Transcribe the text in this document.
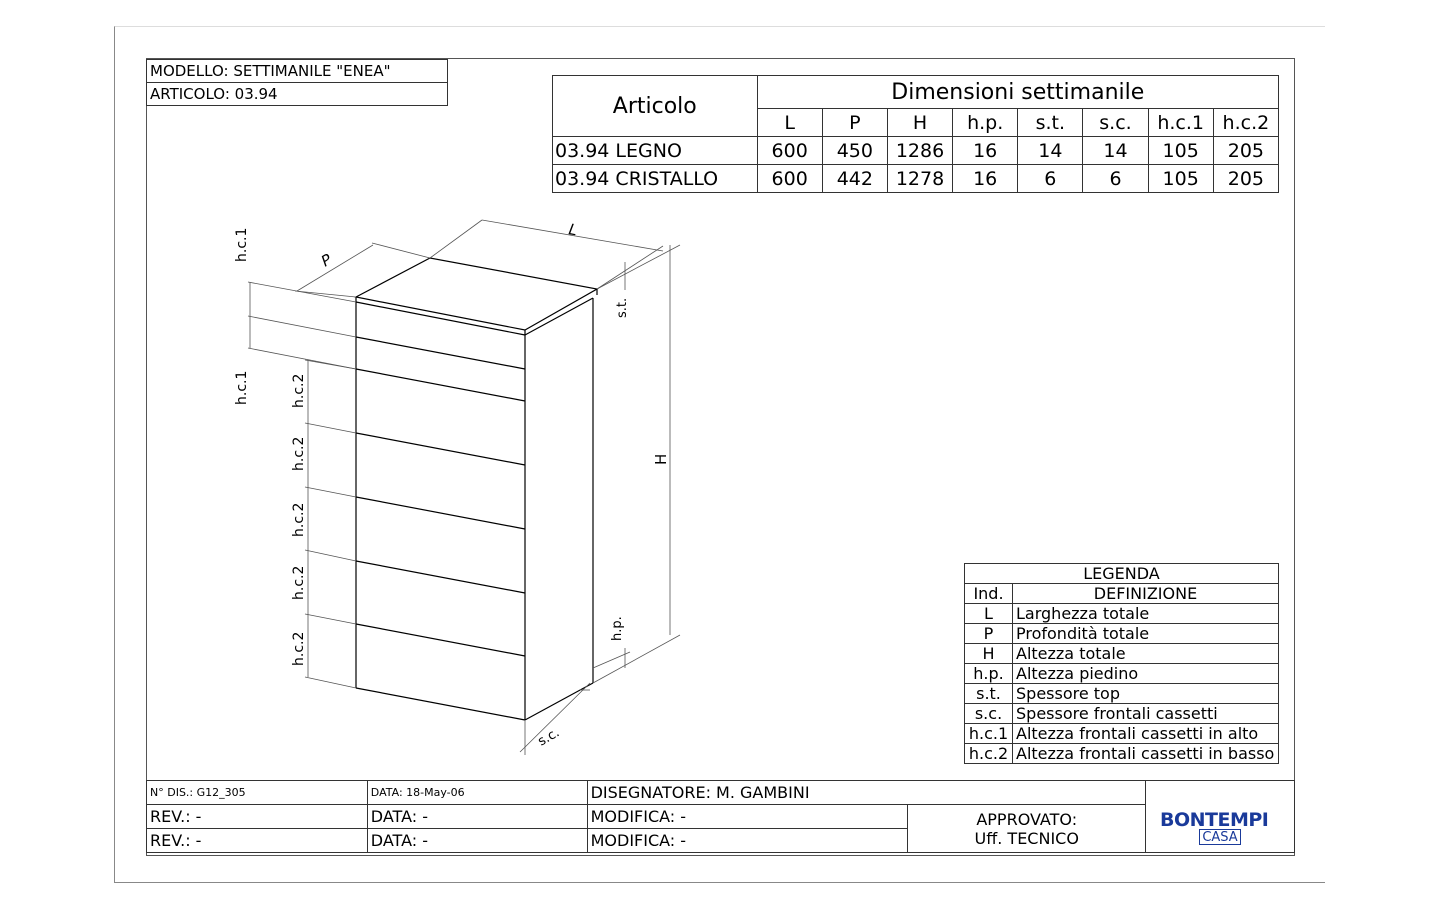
MODELLO: SETTIMANILE "ENEA"
ARTICOLO: 03.94	Articolo	Dimensioni settimanile							
	L	P	H	h.p.	s.t.	s.c.	h.c.1	h.c.2
03.94 LEGNO	600	450	1286	16	14	14	105	205
03.94 CRISTALLO	600	442	1278	16	6	6	105	205
L
P
H
s.t.
h.p.
s.c.
h.c.1
h.c.1	h.c.2
h.c.2
h.c.2
h.c.2
h.c.2
LEGENDA	
Ind.	DEFINIZIONE
L	Larghezza totale
P	Profondità totale
H	Altezza totale
h.p.	Altezza piedino
s.t.	Spessore top
s.c.	Spessore frontali cassetti
h.c.1	Altezza frontali cassetti in alto
h.c.2	Altezza frontali cassetti in basso
N° DIS.: G12_305	DATA: 18-May-06	DISEGNATORE: M. GAMBINI		
REV.: -	DATA: -	MODIFICA: -	APPROVATO:
Uff. TECNICO	

REV.: -	DATA: -	MODIFICA: -		
BONTEMPI
CASA
